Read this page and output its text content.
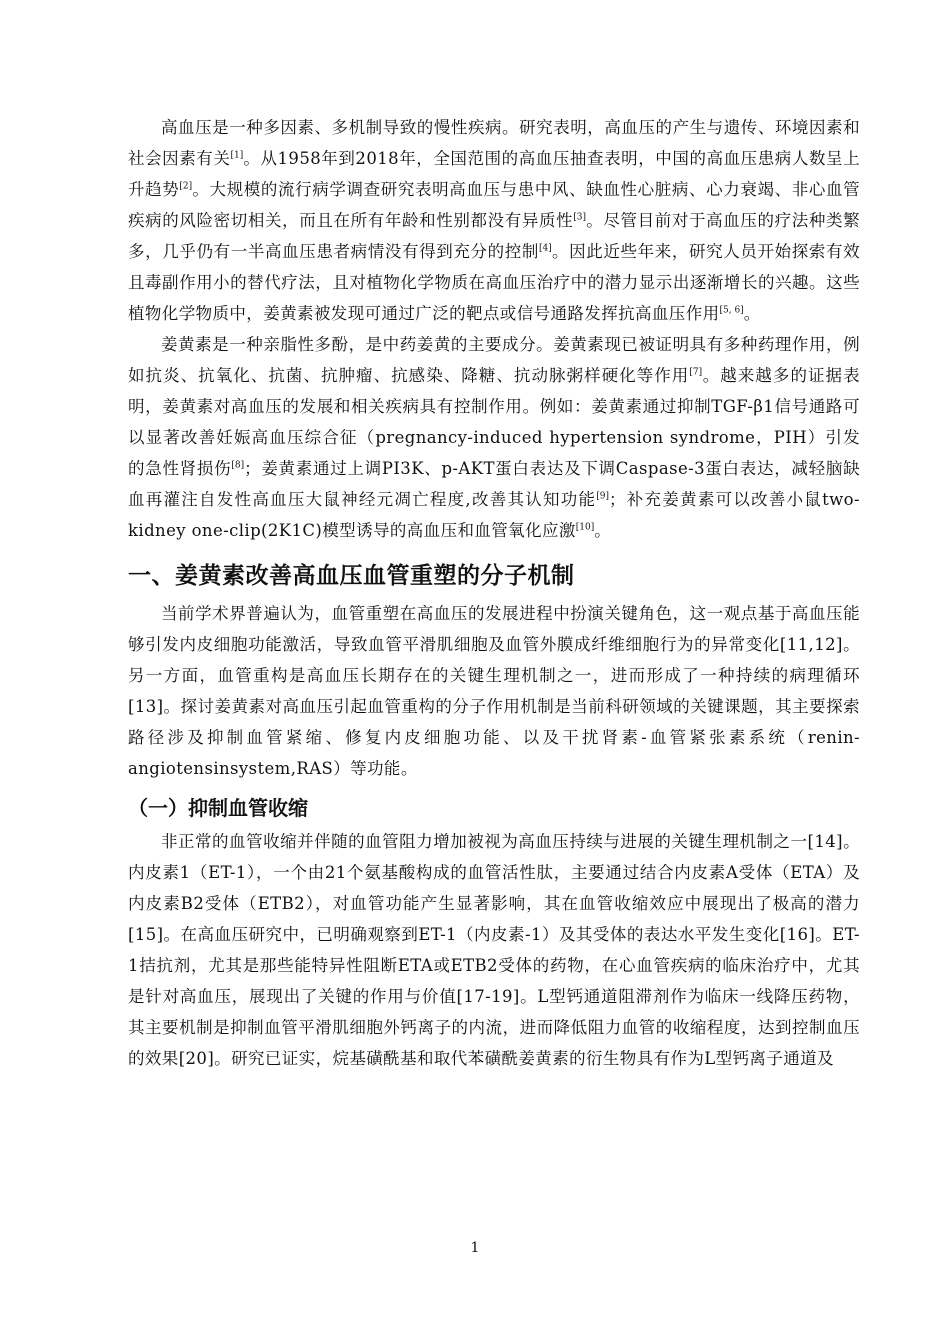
高血压是一种多因素、多机制导致的慢性疾病。研究表明，高血压的产生与遗传、环境因素和社会因素有关[1]。从1958年到2018年，全国范围的高血压抽查表明，中国的高血压患病人数呈上升趋势[2]。大规模的流行病学调查研究表明高血压与患中风、缺血性心脏病、心力衰竭、非心血管疾病的风险密切相关，而且在所有年龄和性别都没有异质性[3]。尽管目前对于高血压的疗法种类繁多，几乎仍有一半高血压患者病情没有得到充分的控制[4]。因此近些年来，研究人员开始探索有效且毒副作用小的替代疗法，且对植物化学物质在高血压治疗中的潜力显示出逐渐增长的兴趣。这些植物化学物质中，姜黄素被发现可通过广泛的靶点或信号通路发挥抗高血压作用[5, 6]。

姜黄素是一种亲脂性多酚，是中药姜黄的主要成分。姜黄素现已被证明具有多种药理作用，例如抗炎、抗氧化、抗菌、抗肿瘤、抗感染、降糖、抗动脉粥样硬化等作用[7]。越来越多的证据表明，姜黄素对高血压的发展和相关疾病具有控制作用。例如：姜黄素通过抑制TGF-β1信号通路可以显著改善妊娠高血压综合征（pregnancy-induced hypertension syndrome，PIH）引发的急性肾损伤[8]；姜黄素通过上调PI3K、p-AKT蛋白表达及下调Caspase-3蛋白表达，减轻脑缺血再灌注自发性高血压大鼠神经元凋亡程度,改善其认知功能[9]；补充姜黄素可以改善小鼠two-kidney one-clip(2K1C)模型诱导的高血压和血管氧化应激[10]。

一、姜黄素改善高血压血管重塑的分子机制

当前学术界普遍认为，血管重塑在高血压的发展进程中扮演关键角色，这一观点基于高血压能够引发内皮细胞功能激活，导致血管平滑肌细胞及血管外膜成纤维细胞行为的异常变化[11,12]。另一方面，血管重构是高血压长期存在的关键生理机制之一，进而形成了一种持续的病理循环[13]。探讨姜黄素对高血压引起血管重构的分子作用机制是当前科研领域的关键课题，其主要探索路径涉及抑制血管紧缩、修复内皮细胞功能、以及干扰肾素-血管紧张素系统（renin-angiotensinsystem,RAS）等功能。

（一）抑制血管收缩

非正常的血管收缩并伴随的血管阻力增加被视为高血压持续与进展的关键生理机制之一[14]。内皮素1（ET-1），一个由21个氨基酸构成的血管活性肽，主要通过结合内皮素A受体（ETA）及内皮素B2受体（ETB2），对血管功能产生显著影响，其在血管收缩效应中展现出了极高的潜力[15]。在高血压研究中，已明确观察到ET-1（内皮素-1）及其受体的表达水平发生变化[16]。ET-1拮抗剂，尤其是那些能特异性阻断ETA或ETB2受体的药物，在心血管疾病的临床治疗中，尤其是针对高血压，展现出了关键的作用与价值[17-19]。L型钙通道阻滞剂作为临床一线降压药物，其主要机制是抑制血管平滑肌细胞外钙离子的内流，进而降低阻力血管的收缩程度，达到控制血压的效果[20]。研究已证实，烷基磺酰基和取代苯磺酰姜黄素的衍生物具有作为L型钙离子通道及

1
